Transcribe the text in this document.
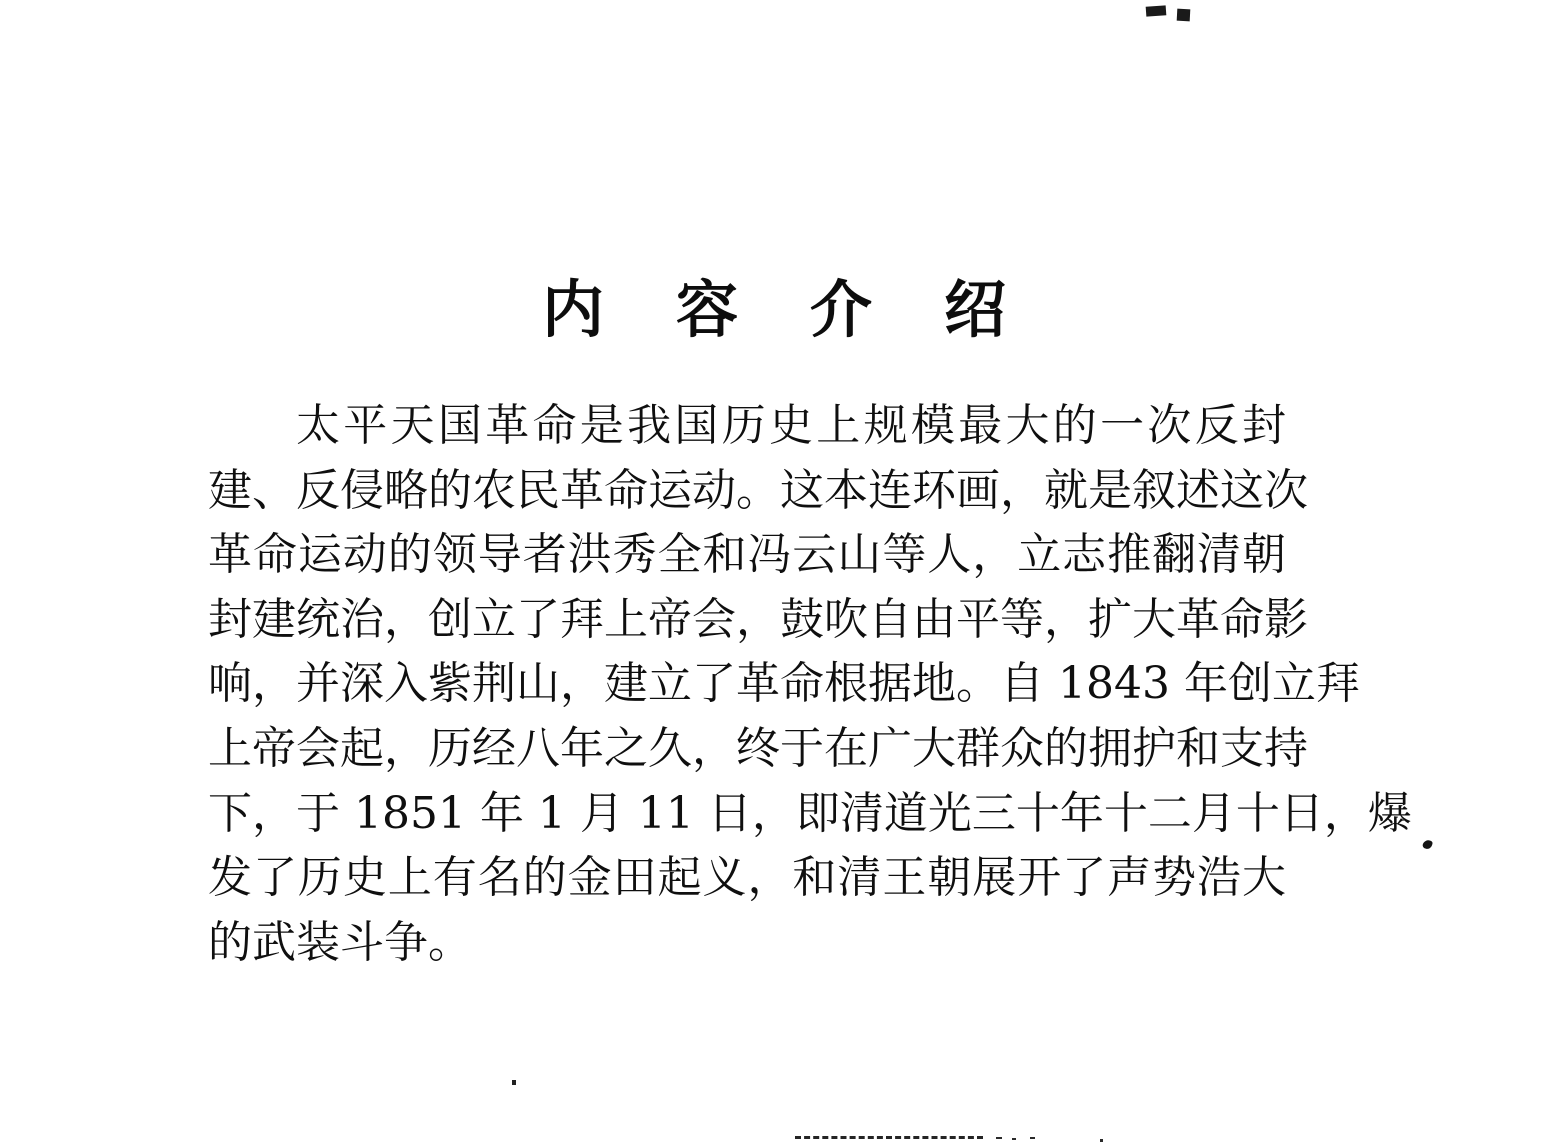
内容介绍
太平天国革命是我国历史上规模最大的一次反封
建、反侵略的农民革命运动。这本连环画，就是叙述这次
革命运动的领导者洪秀全和冯云山等人，立志推翻清朝
封建统治，创立了拜上帝会，鼓吹自由平等，扩大革命影
响，并深入紫荆山，建立了革命根据地。自 1843 年创立拜
上帝会起，历经八年之久，终于在广大群众的拥护和支持
下，于 1851 年 1 月 11 日，即清道光三十年十二月十日，爆
发了历史上有名的金田起义，和清王朝展开了声势浩大
的武装斗争。
